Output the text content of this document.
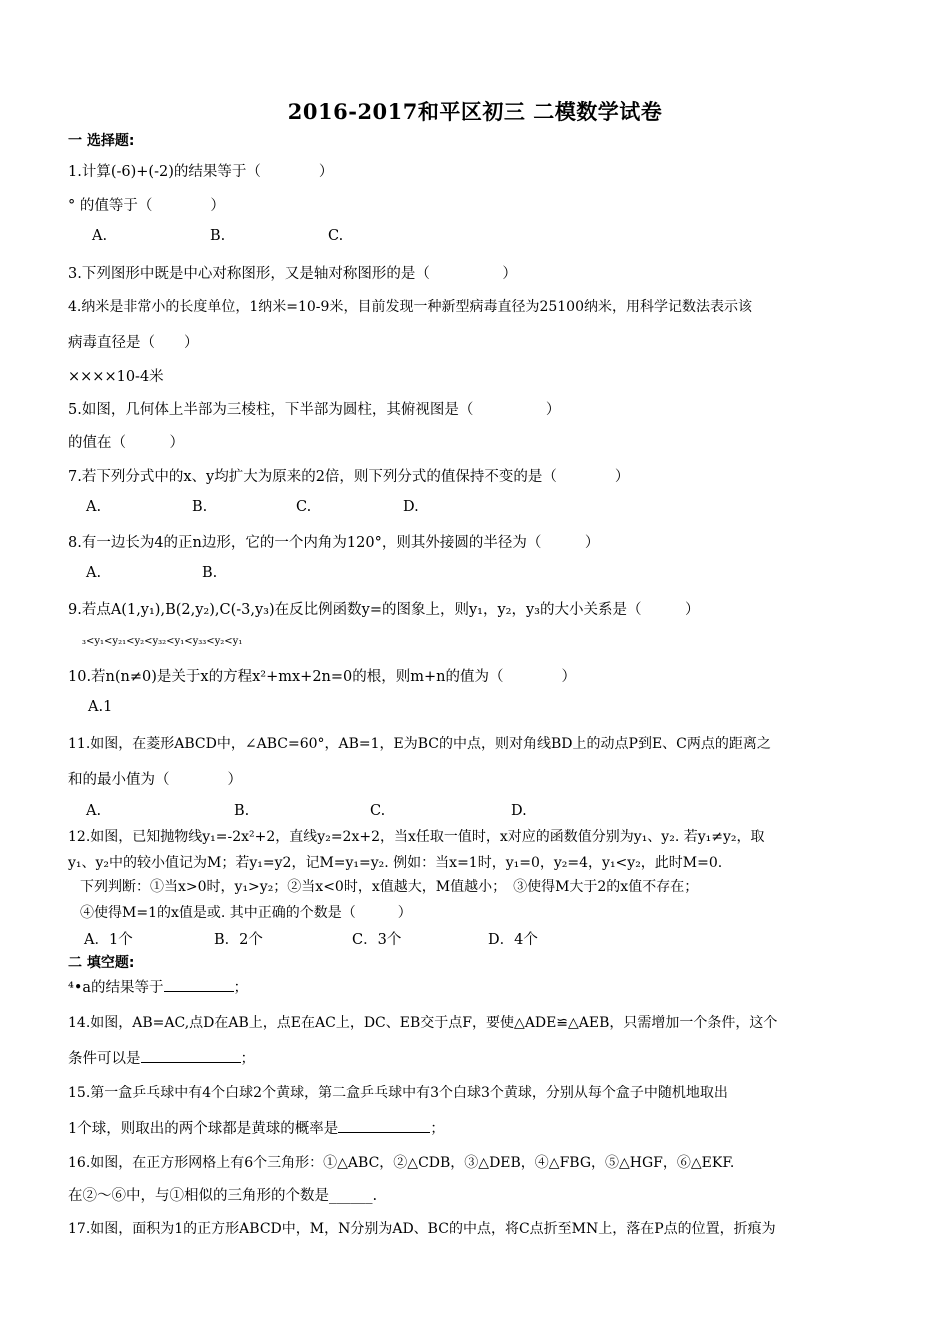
2016-2017和平区初三 二模数学试卷
一 选择题:
1.计算(-6)+(-2)的结果等于（　　　　）
° 的值等于（　　　　）
A.	B.	C.
3.下列图形中既是中心对称图形，又是轴对称图形的是（　　　　　）
4.纳米是非常小的长度单位，1纳米=10-9米，目前发现一种新型病毒直径为25100纳米，用科学记数法表示该
病毒直径是（　　）
××××10-4米
5.如图，几何体上半部为三棱柱，下半部为圆柱，其俯视图是（　　　　　）
的值在（　　　）
7.若下列分式中的x、y均扩大为原来的2倍，则下列分式的值保持不变的是（　　　　）
A.	B.	C.	D.
8.有一边长为4的正n边形，它的一个内角为120°，则其外接圆的半径为（　　　）
A.	B.
9.若点A(1,y₁),B(2,y₂),C(-3,y₃)在反比例函数y=的图象上，则y₁，y₂，y₃的大小关系是（　　　）
₃<y₁<y₂₁<y₂<y₃₂<y₁<y₃₃<y₂<y₁
10.若n(n≠0)是关于x的方程x²+mx+2n=0的根，则m+n的值为（　　　　）
A.1
11.如图，在菱形ABCD中，∠ABC=60°，AB=1，E为BC的中点，则对角线BD上的动点P到E、C两点的距离之
和的最小值为（　　　　）
A.	B.	C.	D.
12.如图，已知抛物线y₁=-2x²+2，直线y₂=2x+2，当x任取一值时，x对应的函数值分别为y₁、y₂. 若y₁≠y₂，取
y₁、y₂中的较小值记为M；若y₁=y2，记M=y₁=y₂. 例如：当x=1时，y₁=0，y₂=4，y₁<y₂，此时M=0.
下列判断：①当x>0时，y₁>y₂；②当x<0时，x值越大，M值越小；　③使得M大于2的x值不存在；
④使得M=1的x值是或. 其中正确的个数是（　　　）
A．1个	B．2个	C．3个	D．4个
二 填空题:
⁴•a的结果等于	；
14.如图，AB=AC,点D在AB上，点E在AC上，DC、EB交于点F，要使△ADE≌△AEB，只需增加一个条件，这个
条件可以是	；
15.第一盒乒乓球中有4个白球2个黄球，第二盒乒乓球中有3个白球3个黄球，分别从每个盒子中随机地取出
1个球，则取出的两个球都是黄球的概率是	；
16.如图，在正方形网格上有6个三角形：①△ABC，②△CDB，③△DEB，④△FBG，⑤△HGF，⑥△EKF.
在②～⑥中，与①相似的三角形的个数是______.
17.如图，面积为1的正方形ABCD中，M，N分别为AD、BC的中点，将C点折至MN上，落在P点的位置，折痕为
